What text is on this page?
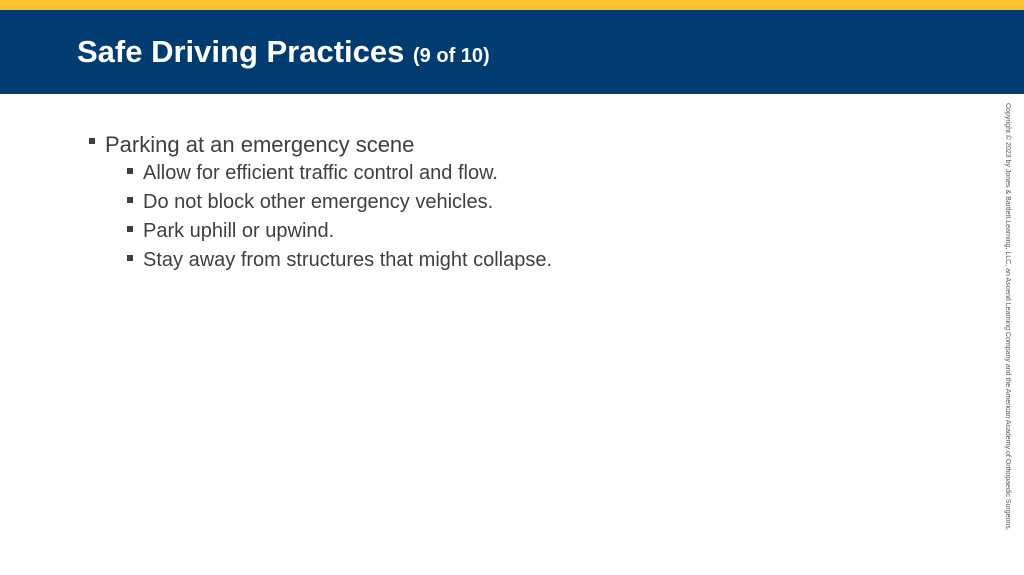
Safe Driving Practices (9 of 10)
Parking at an emergency scene
Allow for efficient traffic control and flow.
Do not block other emergency vehicles.
Park uphill or upwind.
Stay away from structures that might collapse.	Copyright © 2023 by Jones & Bartlett Learning, LLC, an Ascend Learning Company and the American Academy of Orthopaedic Surgeons.
